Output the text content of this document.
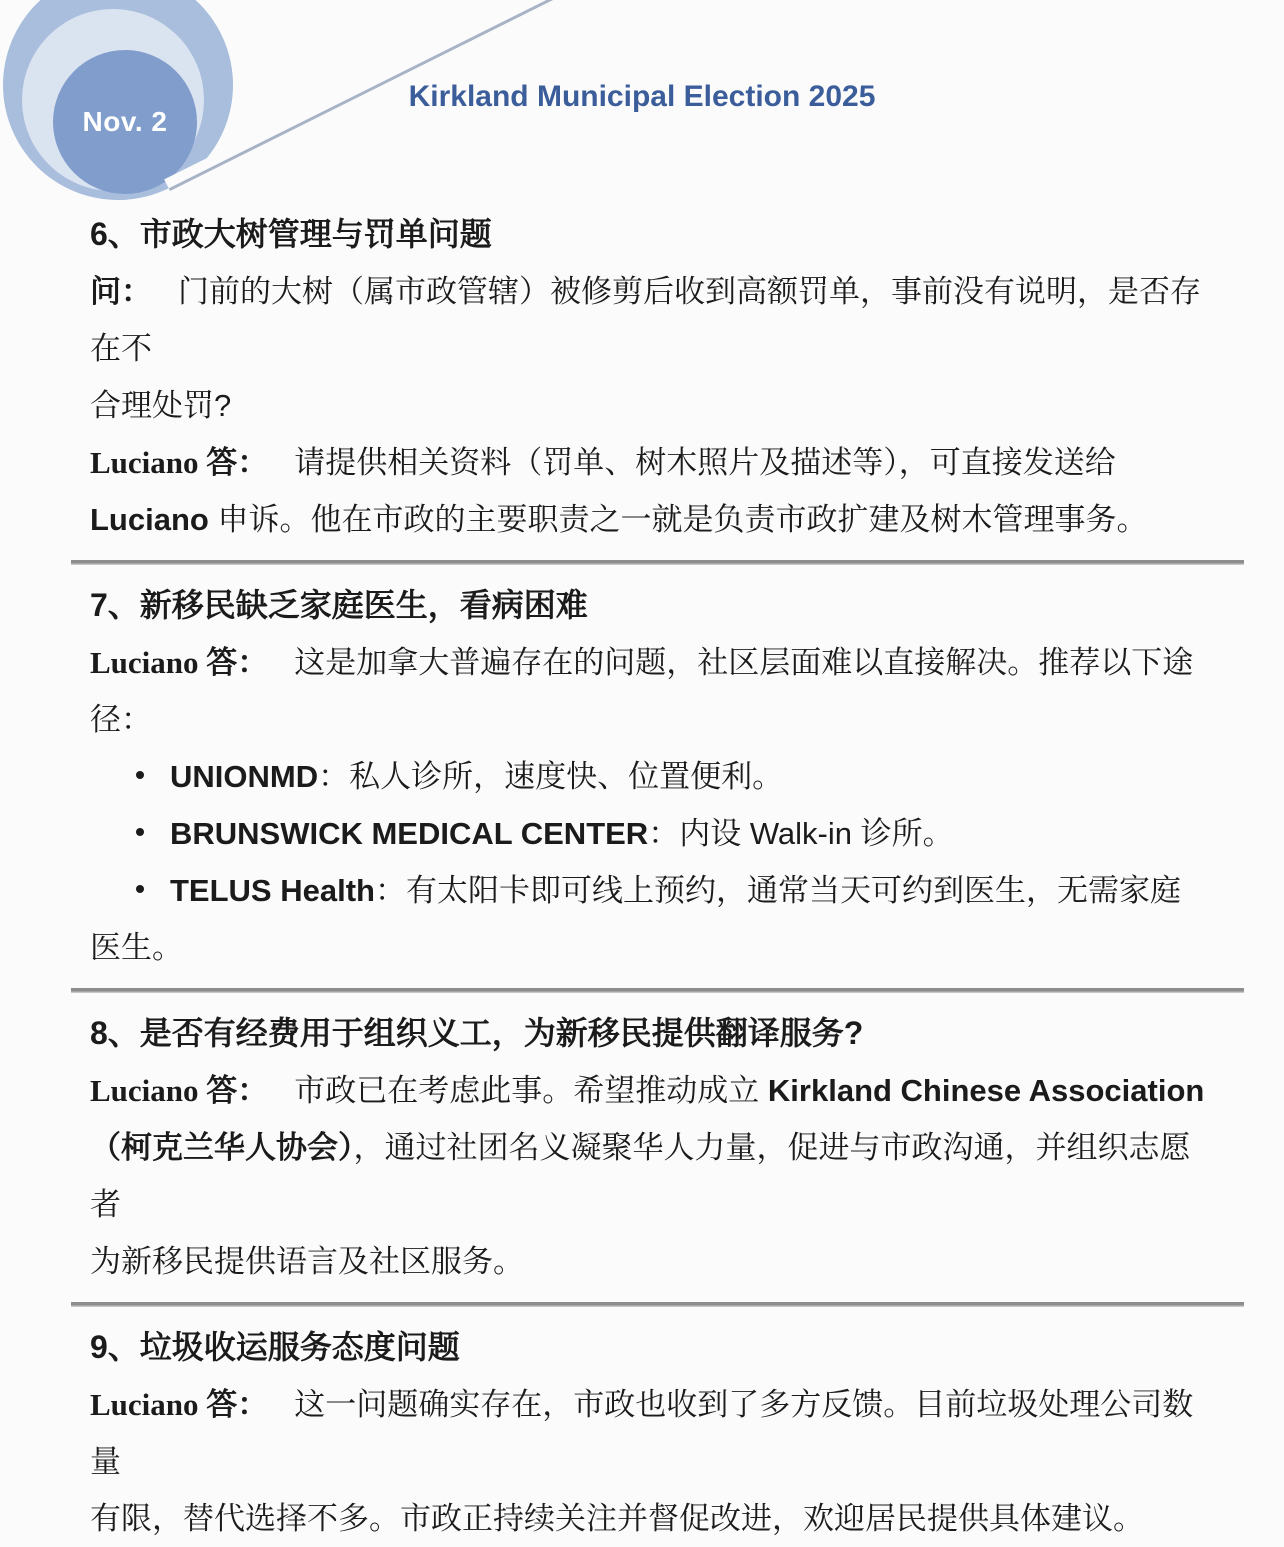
Nov. 2
Kirkland Municipal Election 2025
6、市政大树管理与罚单问题
问： 门前的大树（属市政管辖）被修剪后收到高额罚单，事前没有说明，是否存在不
合理处罚?
Luciano 答： 请提供相关资料（罚单、树木照片及描述等），可直接发送给
Luciano 申诉。他在市政的主要职责之一就是负责市政扩建及树木管理事务。
7、新移民缺乏家庭医生，看病困难
Luciano 答： 这是加拿大普遍存在的问题，社区层面难以直接解决。推荐以下途径：
UNIONMD：私人诊所，速度快、位置便利。
BRUNSWICK MEDICAL CENTER：内设 Walk-in 诊所。
TELUS Health：有太阳卡即可线上预约，通常当天可约到医生，无需家庭医生。
8、是否有经费用于组织义工，为新移民提供翻译服务?
Luciano 答： 市政已在考虑此事。希望推动成立 Kirkland Chinese Association
（柯克兰华人协会），通过社团名义凝聚华人力量，促进与市政沟通，并组织志愿者
为新移民提供语言及社区服务。
9、垃圾收运服务态度问题
Luciano 答： 这一问题确实存在，市政也收到了多方反馈。目前垃圾处理公司数量
有限，替代选择不多。市政正持续关注并督促改进，欢迎居民提供具体建议。
